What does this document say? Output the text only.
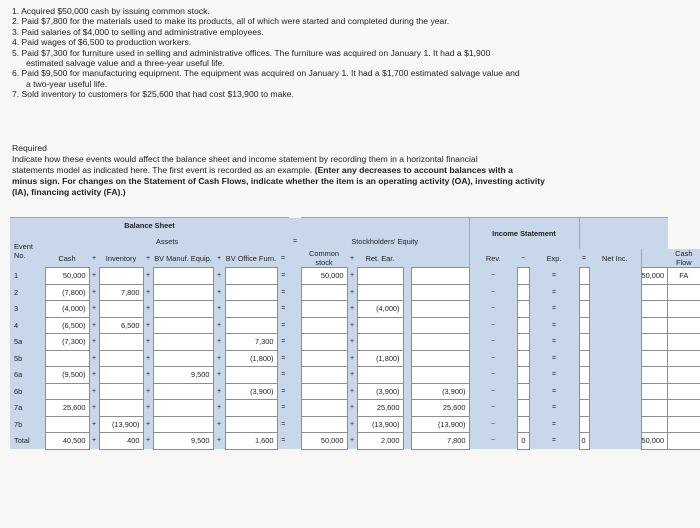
1. Acquired $50,000 cash by issuing common stock.
2. Paid $7,800 for the materials used to make its products, all of which were started and completed during the year.
3. Paid salaries of $4,000 to selling and administrative employees.
4. Paid wages of $6,500 to production workers.
5. Paid $7,300 for furniture used in selling and administrative offices. The furniture was acquired on January 1. It had a $1,900
estimated salvage value and a three-year useful life.
6. Paid $9,500 for manufacturing equipment. The equipment was acquired on January 1. It had a $1,700 estimated salvage value and
a two-year useful life.
7. Sold inventory to customers for $25,600 that had cost $13,900 to make.
Required
Indicate how these events would affect the balance sheet and income statement by recording them in a horizontal financial
statements model as indicated here. The first event is recorded as an example. (Enter any decreases to account balances with a
minus sign. For changes on the Statement of Cash Flows, indicate whether the item is an operating activity (OA), investing activity
(IA), financing activity (FA).)
Balance Sheet																Income Statement							
Event No.		Assets								=	Stockholders' Equity												
		Cash	+	Inventory	+	BV Manuf. Equip.	+	BV Office Furn.	=		Common stock	+	Ret. Ear.			Rev.	−	Exp.	=	Net Inc.		Cash Flow	
1		50,000	+		+		+		=		50,000	+				−		=			50,000	FA	
2		(7,800)	+	7,800	+		+		=			+				−		=					
3		(4,000)	+		+		+		=			+	(4,000)			−		=					
4		(6,500)	+	6,500	+		+		=			+				−		=					
5a		(7,300)	+		+		+	7,300	=			+				−		=					
5b			+		+		+	(1,800)	=			+	(1,800)			−		=					
6a		(9,500)	+		+	9,500	+		=			+				−		=					
6b			+		+		+	(3,900)	=			+	(3,900)		(3,900)	−		=					
7a		25,600	+		+		+		=			+	25,600		25,600	−		=					
7b			+	(13,900)	+		+		=			+	(13,900)		(13,900)	−		=					
Total		40,500	+	400	+	9,500	+	1,600	=		50,000	+	2,000		7,800	−	0	=	0		50,000		
